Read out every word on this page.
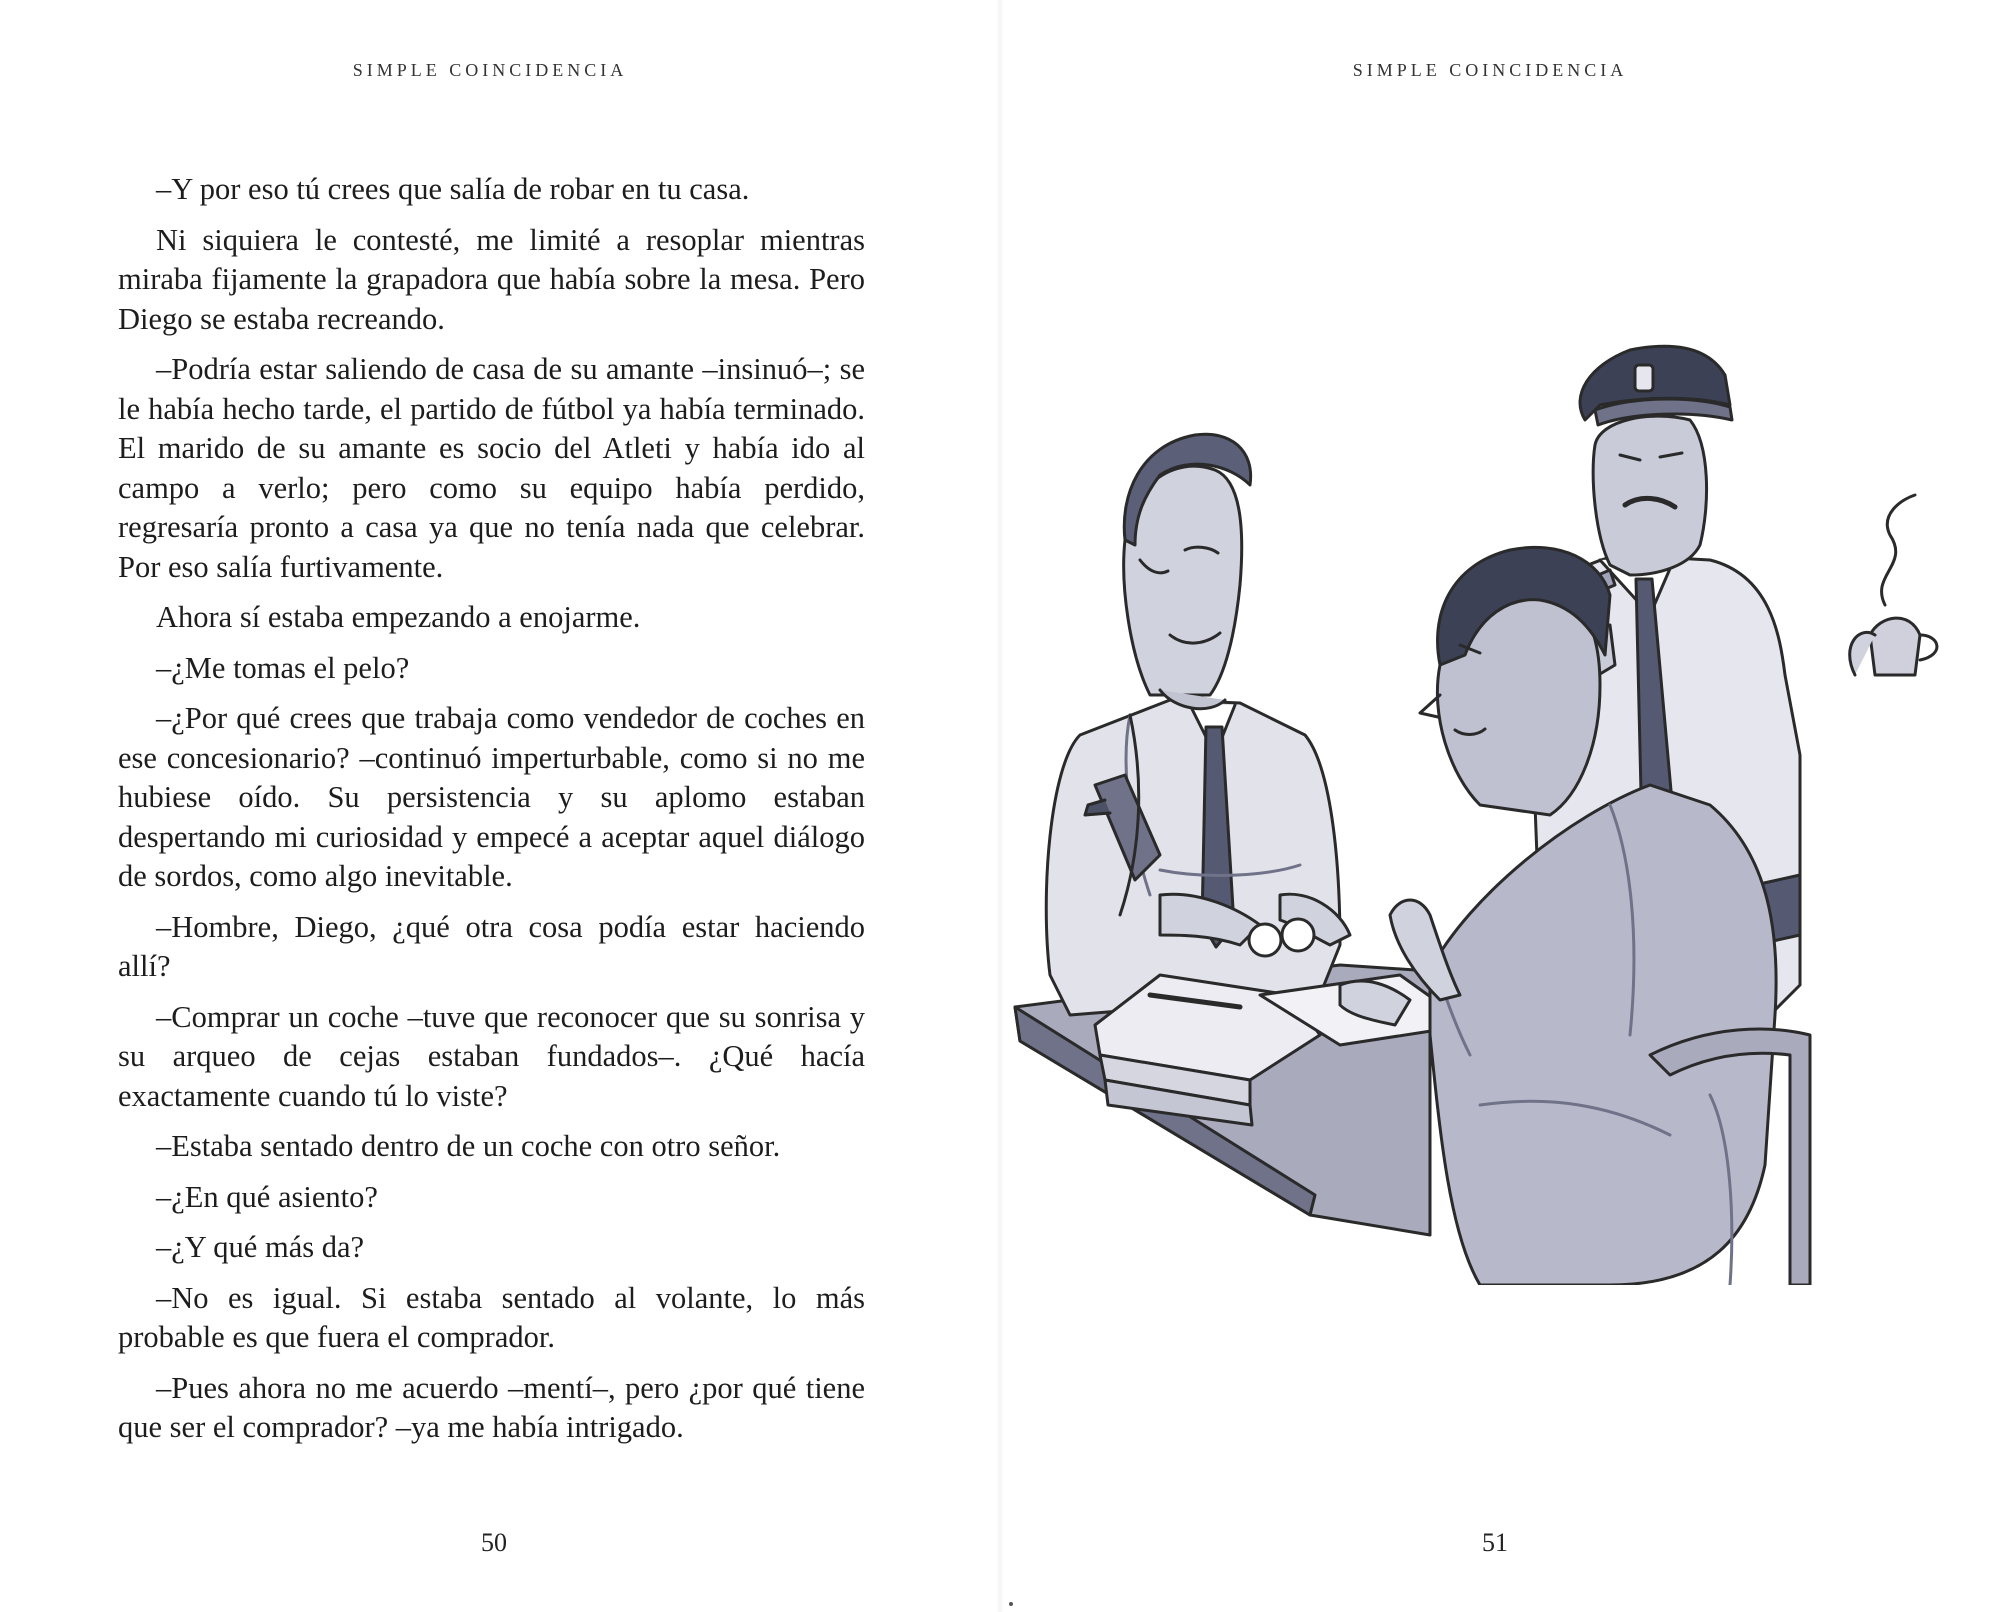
SIMPLE COINCIDENCIA

–Y por eso tú crees que salía de robar en tu casa.

Ni siquiera le contesté, me limité a resoplar mientras miraba fijamente la grapadora que había sobre la mesa. Pero Diego se estaba recreando.

–Podría estar saliendo de casa de su amante –insinuó–; se le había hecho tarde, el partido de fútbol ya había terminado. El marido de su amante es socio del Atleti y había ido al campo a verlo; pero como su equipo había perdido, regresaría pronto a casa ya que no tenía nada que celebrar. Por eso salía furtivamente.

Ahora sí estaba empezando a enojarme.

–¿Me tomas el pelo?

–¿Por qué crees que trabaja como vendedor de coches en ese concesionario? –continuó imperturbable, como si no me hubiese oído. Su persistencia y su aplomo estaban despertando mi curiosidad y empecé a aceptar aquel diálogo de sordos, como algo inevitable.

–Hombre, Diego, ¿qué otra cosa podía estar haciendo allí?

–Comprar un coche –tuve que reconocer que su sonrisa y su arqueo de cejas estaban fundados–. ¿Qué hacía exactamente cuando tú lo viste?

–Estaba sentado dentro de un coche con otro señor.

–¿En qué asiento?

–¿Y qué más da?

–No es igual. Si estaba sentado al volante, lo más probable es que fuera el comprador.

–Pues ahora no me acuerdo –mentí–, pero ¿por qué tiene que ser el comprador? –ya me había intrigado.

50
SIMPLE COINCIDENCIA
51
